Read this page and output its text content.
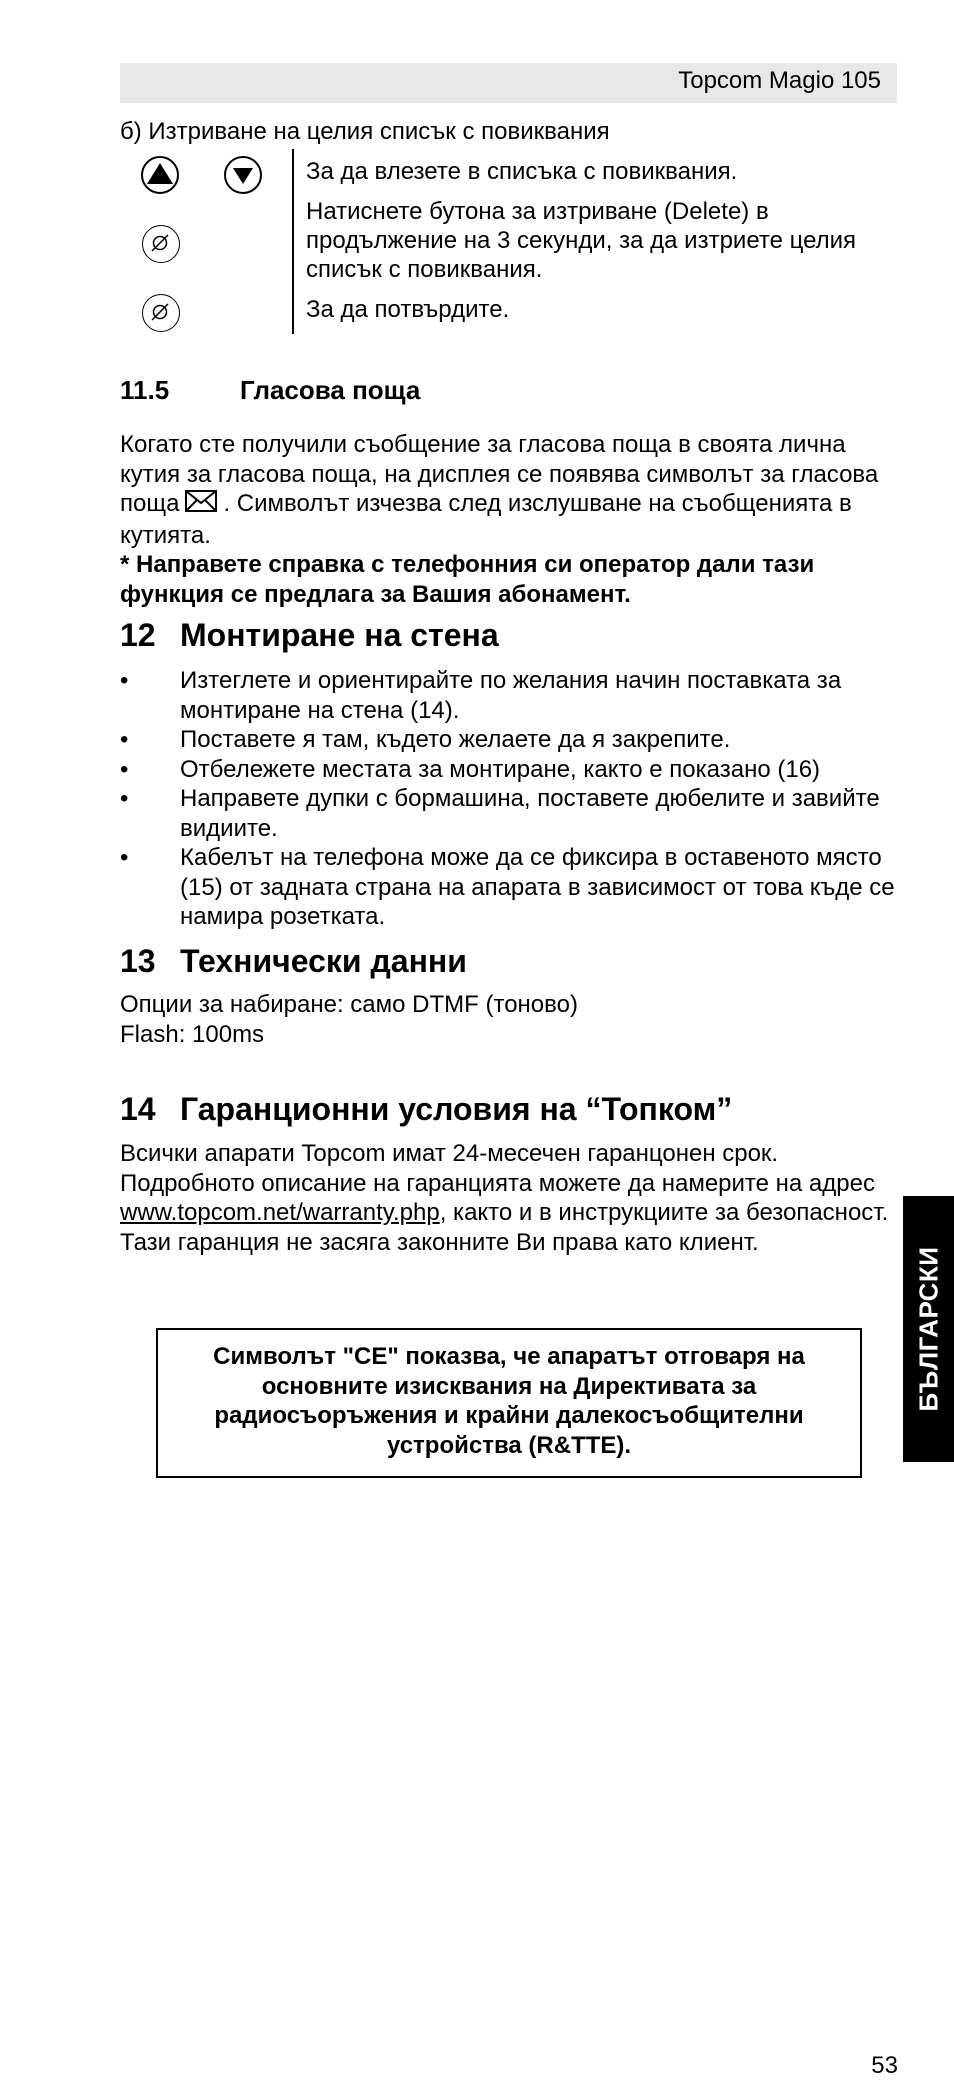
Topcom Magio 105

б) Изтриване на целия списък с повиквания

За да влезете в списъка с повиквания.
Натиснете бутона за изтриване (Delete) в продължение на 3 секунди, за да изтриете целия списък с повиквания.
За да потвърдите.
11.5	Гласова поща
Когато сте получили съобщение за гласова поща в своята лична кутия за гласова поща, на дисплея се появява символът за гласова поща . Символът изчезва след изслушване на съобщенията в кутията.
* Направете справка с телефонния си оператор дали тази функция се предлага за Вашия абонамент.
12 Монтиране на стена
• Изтеглете и ориентирайте по желания начин поставката за монтиране на стена (14).
• Поставете я там, където желаете да я закрепите.
• Отбележете местата за монтиране, както е показано (16)
• Направете дупки с бормашина, поставете дюбелите и завийте видиите.
• Кабелът на телефона може да се фиксира в оставеното място (15) от задната страна на апарата в зависимост от това къде се намира розетката.
13 Технически данни
Опции за набиране: само DTMF (тоново)
Flash: 100ms
14 Гаранционни условия на “Топком”
Всички апарати Topcom имат 24-месечен гаранцонен срок. Подробното описание на гаранцията можете да намерите на адрес www.topcom.net/warranty.php, както и в инструкциите за безопасност. Тази гаранция не засяга законните Ви права като клиент.
Символът "CE" показва, че апаратът отговаря на основните изисквания на Директивата за радиосъоръжения и крайни далекосъобщителни устройства (R&TTE).
БЪЛГАРСКИ
53
